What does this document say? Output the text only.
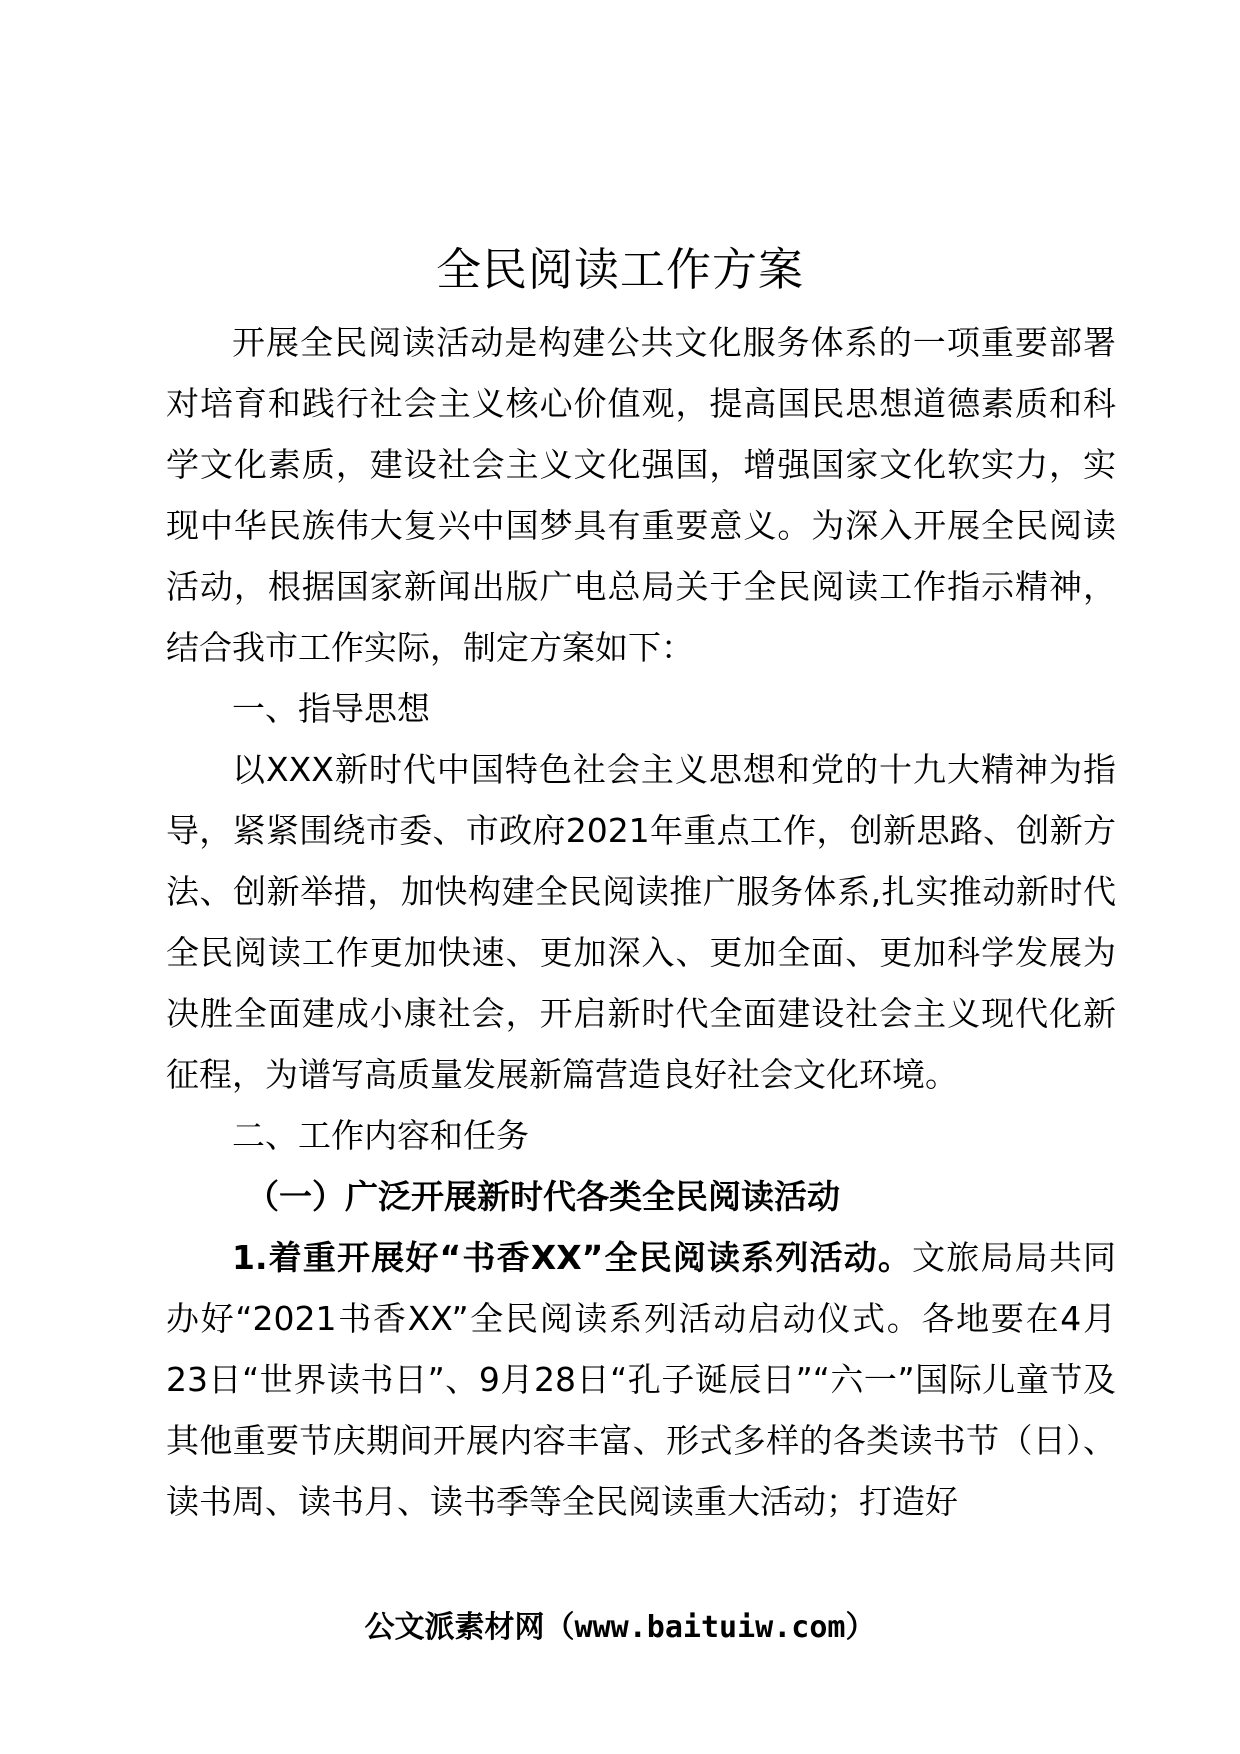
全民阅读工作方案

开展全民阅读活动是构建公共文化服务体系的一项重要部署对培育和践行社会主义核心价值观，提高国民思想道德素质和科学文化素质，建设社会主义文化强国，增强国家文化软实力，实现中华民族伟大复兴中国梦具有重要意义。为深入开展全民阅读活动，根据国家新闻出版广电总局关于全民阅读工作指示精神，结合我市工作实际，制定方案如下：

一、指导思想

以XXX新时代中国特色社会主义思想和党的十九大精神为指导，紧紧围绕市委、市政府2021年重点工作，创新思路、创新方法、创新举措，加快构建全民阅读推广服务体系,扎实推动新时代全民阅读工作更加快速、更加深入、更加全面、更加科学发展为决胜全面建成小康社会，开启新时代全面建设社会主义现代化新征程，为谱写高质量发展新篇营造良好社会文化环境。

二、工作内容和任务

（一）广泛开展新时代各类全民阅读活动

1.着重开展好“书香XX”全民阅读系列活动。文旅局局共同办好“2021书香XX”全民阅读系列活动启动仪式。各地要在4月23日“世界读书日”、9月28日“孔子诞辰日”“六一”国际儿童节及其他重要节庆期间开展内容丰富、形式多样的各类读书节（日）、读书周、读书月、读书季等全民阅读重大活动；打造好

公文派素材网（www.baituiw.com）
